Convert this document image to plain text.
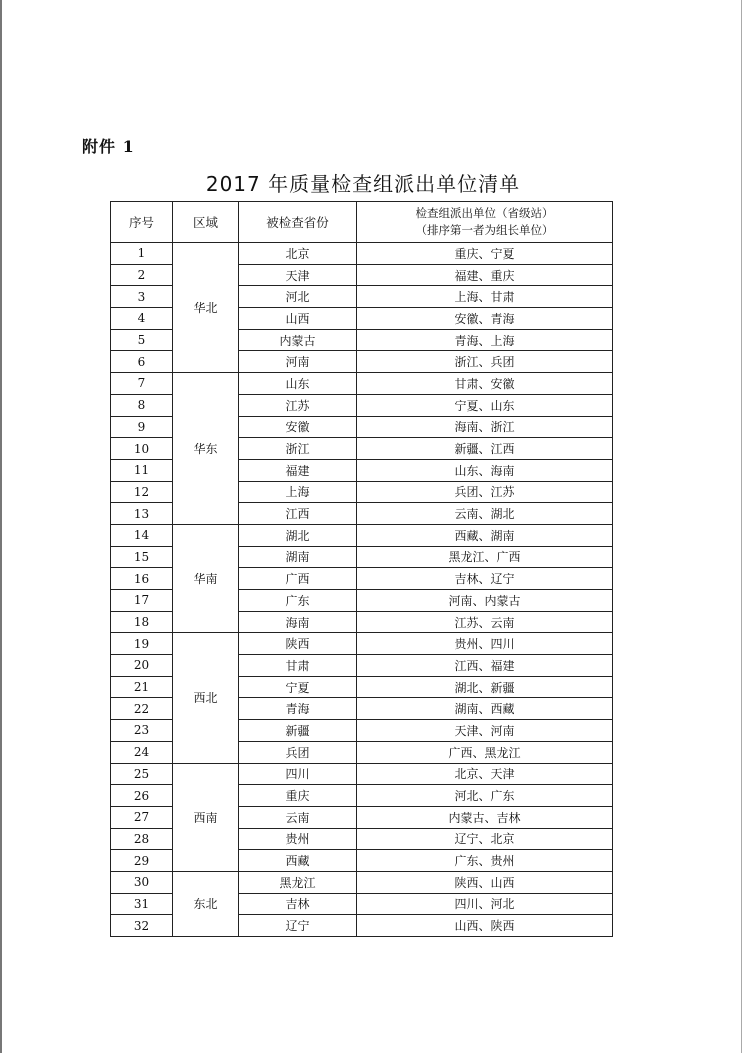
附件 1
2017 年质量检查组派出单位清单
序号	区域	被检查省份	检查组派出单位（省级站）
（排序第一者为组长单位）

1	华北	北京	重庆、宁夏
2		天津	福建、重庆
3		河北	上海、甘肃
4		山西	安徽、青海
5		内蒙古	青海、上海
6		河南	浙江、兵团
7	华东	山东	甘肃、安徽
8		江苏	宁夏、山东
9		安徽	海南、浙江
10		浙江	新疆、江西
11		福建	山东、海南
12		上海	兵团、江苏
13		江西	云南、湖北
14	华南	湖北	西藏、湖南
15		湖南	黑龙江、广西
16		广西	吉林、辽宁
17		广东	河南、内蒙古
18		海南	江苏、云南
19	西北	陕西	贵州、四川
20		甘肃	江西、福建
21		宁夏	湖北、新疆
22		青海	湖南、西藏
23		新疆	天津、河南
24		兵团	广西、黑龙江
25	西南	四川	北京、天津
26		重庆	河北、广东
27		云南	内蒙古、吉林
28		贵州	辽宁、北京
29		西藏	广东、贵州
30	东北	黑龙江	陕西、山西
31		吉林	四川、河北
32		辽宁	山西、陕西
